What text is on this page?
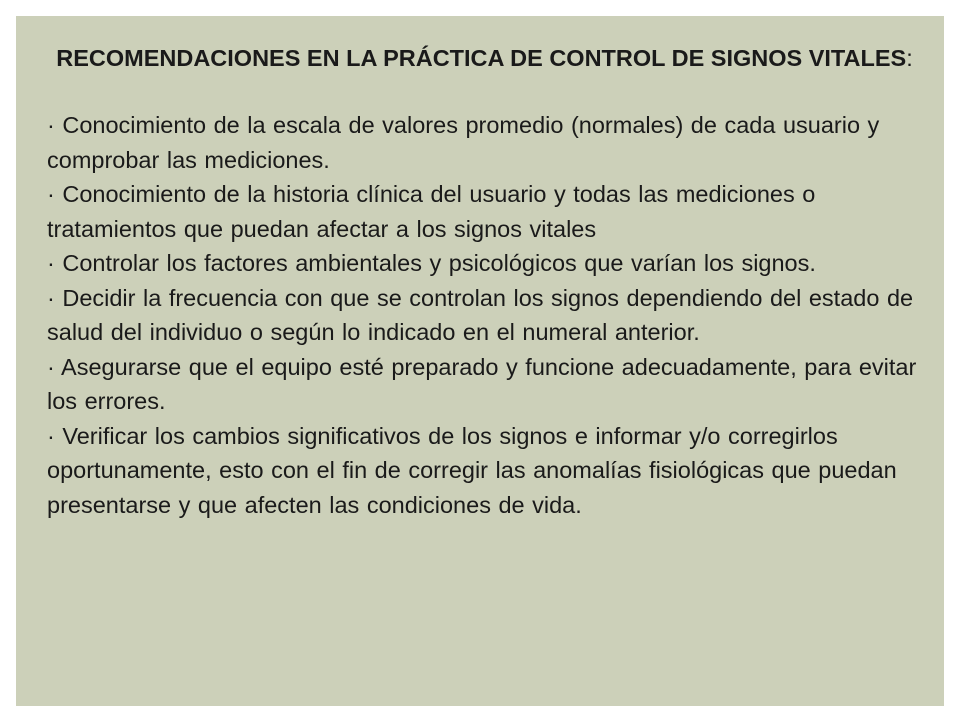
RECOMENDACIONES EN LA PRÁCTICA DE CONTROL DE SIGNOS VITALES:
· Conocimiento de la escala de valores promedio (normales) de cada usuario y comprobar las mediciones.
· Conocimiento de la historia clínica del usuario y todas las mediciones o tratamientos que puedan afectar a los signos vitales
· Controlar los factores ambientales y psicológicos que varían los signos.
· Decidir la frecuencia con que se controlan los signos dependiendo del estado de salud del individuo o según lo indicado en el numeral anterior.
· Asegurarse que el equipo esté preparado y funcione adecuadamente, para evitar los errores.
· Verificar los cambios significativos de los signos e informar y/o corregirlos oportunamente, esto con el fin de corregir las anomalías fisiológicas que puedan presentarse y que afecten las condiciones de vida.
